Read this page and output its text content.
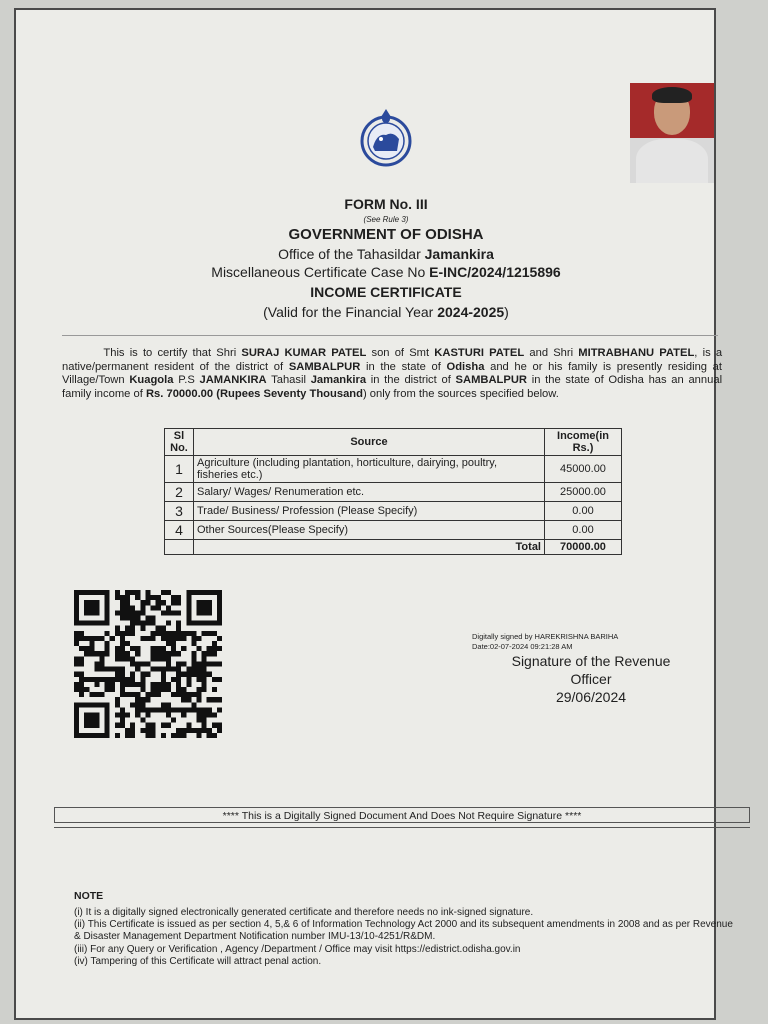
FORM No. III
(See Rule 3)
GOVERNMENT OF ODISHA
Office of the Tahasildar Jamankira
Miscellaneous Certificate Case No E-INC/2024/1215896
INCOME CERTIFICATE
(Valid for the Financial Year 2024-2025)
This is to certify that Shri SURAJ KUMAR PATEL son of Smt KASTURI PATEL and Shri MITRABHANU PATEL, is a native/permanent resident of the district of SAMBALPUR in the state of Odisha and he or his family is presently residing at Village/Town Kuagola P.S JAMANKIRA Tahasil Jamankira in the district of SAMBALPUR in the state of Odisha has an annual family income of Rs. 70000.00 (Rupees Seventy Thousand) only from the sources specified below.
Sl No.	Source	Income(in Rs.)
1	Agriculture (including plantation, horticulture, dairying, poultry, fisheries etc.)	45000.00
2	Salary/ Wages/ Renumeration etc.	25000.00
3	Trade/ Business/ Profession (Please Specify)	0.00
4	Other Sources(Please Specify)	0.00
	Total	70000.00
Digitally signed by HAREKRISHNA BARIHA
Date:02-07-2024 09:21:28 AM
Signature of the Revenue
Officer
29/06/2024
**** This is a Digitally Signed Document And Does Not Require Signature ****
NOTE
(i) It is a digitally signed electronically generated certificate and therefore needs no ink-signed signature.
(ii) This Certificate is issued as per section 4, 5,& 6 of Information Technology Act 2000 and its subsequent amendments in 2008 and as per Revenue & Disaster Management Department Notification number IMU-13/10-4251/R&DM.
(iii) For any Query or Verification , Agency /Department / Office may visit https://edistrict.odisha.gov.in
(iv) Tampering of this Certificate will attract penal action.
